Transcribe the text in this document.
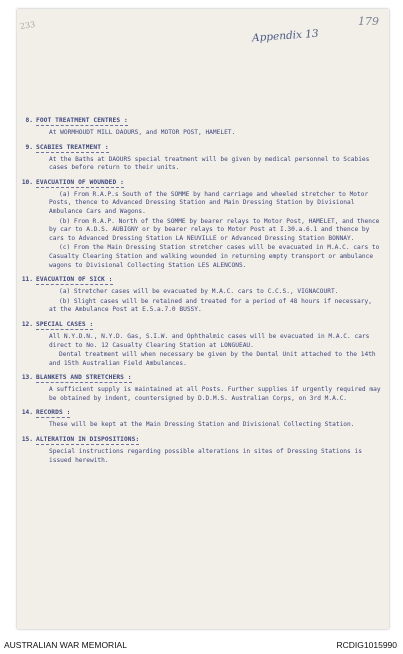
233
Appendix 13
179
8. FOOT TREATMENT CENTRES :

At WORMHOUDT MILL DAOURS, and MOTOR POST, HAMELET.

9. SCABIES TREATMENT :

At the Baths at DAOURS special treatment will be given by medical personnel to Scabies cases before return to their units.

10. EVACUATION OF WOUNDED :

(a) From R.A.P.s South of the SOMME by hand carriage and wheeled stretcher to Motor Posts, thence to Advanced Dressing Station and Main Dressing Station by Divisional Ambulance Cars and Wagons.

(b) From R.A.P. North of the SOMME by bearer relays to Motor Post, HAMELET, and thence by car to A.D.S. AUBIGNY or by bearer relays to Motor Post at I.30.a.6.1 and thence by cars to Advanced Dressing Station LA NEUVILLE or Advanced Dressing Station BONNAY.

(c) From the Main Dressing Station stretcher cases will be evacuated in M.A.C. cars to Casualty Clearing Station and walking wounded in returning empty transport or ambulance wagons to Divisional Collecting Station LES ALENCONS.

11. EVACUATION OF SICK :

(a) Stretcher cases will be evacuated by M.A.C. cars to C.C.S., VIGNACOURT.

(b) Slight cases will be retained and treated for a period of 48 hours if necessary, at the Ambulance Post at E.5.a.7.0 BUSSY.

12. SPECIAL CASES :

All N.Y.D.N., N.Y.D. Gas, S.I.W. and Ophthalmic cases will be evacuated in M.A.C. cars direct to No. 12 Casualty Clearing Station at LONGUEAU.

Dental treatment will when necessary be given by the Dental Unit attached to the 14th and 15th Australian Field Ambulances.

13. BLANKETS AND STRETCHERS :

A sufficient supply is maintained at all Posts. Further supplies if urgently required may be obtained by indent, countersigned by D.D.M.S. Australian Corps, on 3rd M.A.C.

14. RECORDS :

These will be kept at the Main Dressing Station and Divisional Collecting Station.

15. ALTERATION IN DISPOSITIONS:

Special instructions regarding possible alterations in sites of Dressing Stations is issued herewith.

AUSTRALIAN WAR MEMORIAL	RCDIG1015990
